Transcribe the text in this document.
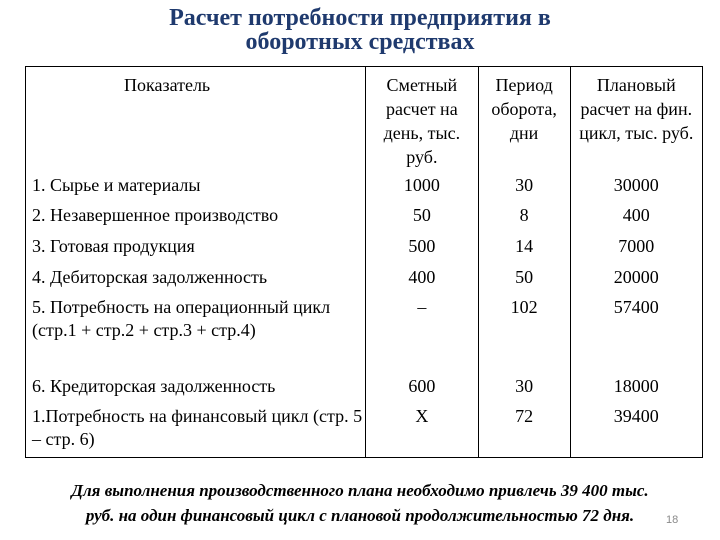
Расчет потребности предприятия в
оборотных средствах
Показатель	Сметный расчет на день, тыс. руб.	Период оборота, дни	Плановый расчет на фин. цикл, тыс. руб.
1. Сырье и материалы	1000	30	30000
2. Незавершенное производство	50	8	400
3. Готовая продукция	500	14	7000
4. Дебиторская задолженность	400	50	20000
5. Потребность на операционный цикл (стр.1 + стр.2 + стр.3 + стр.4)	–	102	57400
6. Кредиторская задолженность	600	30	18000
1.Потребность на финансовый цикл (стр. 5 – стр. 6)	Х	72	39400
Для выполнения производственного плана необходимо привлечь 39 400 тыс.
руб. на один финансовый цикл с плановой продолжительностью 72 дня.	18
